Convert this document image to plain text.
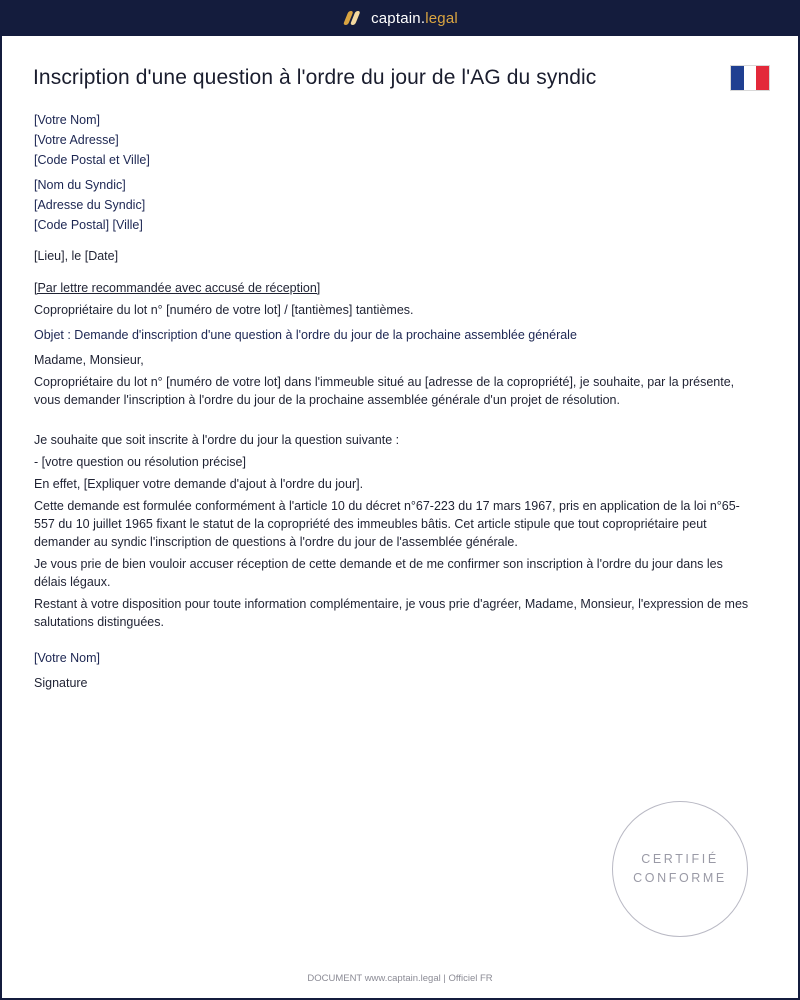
captain.legal
Inscription d'une question à l'ordre du jour de l'AG du syndic
[Votre Nom]
[Votre Adresse]
[Code Postal et Ville]
[Nom du Syndic]
[Adresse du Syndic]
[Code Postal] [Ville]
[Lieu], le [Date]
[Par lettre recommandée avec accusé de réception]
Copropriétaire du lot n° [numéro de votre lot] / [tantièmes] tantièmes.
Objet : Demande d'inscription d'une question à l'ordre du jour de la prochaine assemblée générale
Madame, Monsieur,
Copropriétaire du lot n° [numéro de votre lot] dans l'immeuble situé au [adresse de la copropriété], je souhaite, par la présente, vous demander l'inscription à l'ordre du jour de la prochaine assemblée générale d'un projet de résolution.
Je souhaite que soit inscrite à l'ordre du jour la question suivante :
- [votre question ou résolution précise]
En effet, [Expliquer votre demande d'ajout à l'ordre du jour].
Cette demande est formulée conformément à l'article 10 du décret n°67-223 du 17 mars 1967, pris en application de la loi n°65-557 du 10 juillet 1965 fixant le statut de la copropriété des immeubles bâtis. Cet article stipule que tout copropriétaire peut demander au syndic l'inscription de questions à l'ordre du jour de l'assemblée générale.
Je vous prie de bien vouloir accuser réception de cette demande et de me confirmer son inscription à l'ordre du jour dans les délais légaux.
Restant à votre disposition pour toute information complémentaire, je vous prie d'agréer, Madame, Monsieur, l'expression de mes salutations distinguées.
[Votre Nom]
Signature
CERTIFIÉ
CONFORME
DOCUMENT www.captain.legal | Officiel FR
